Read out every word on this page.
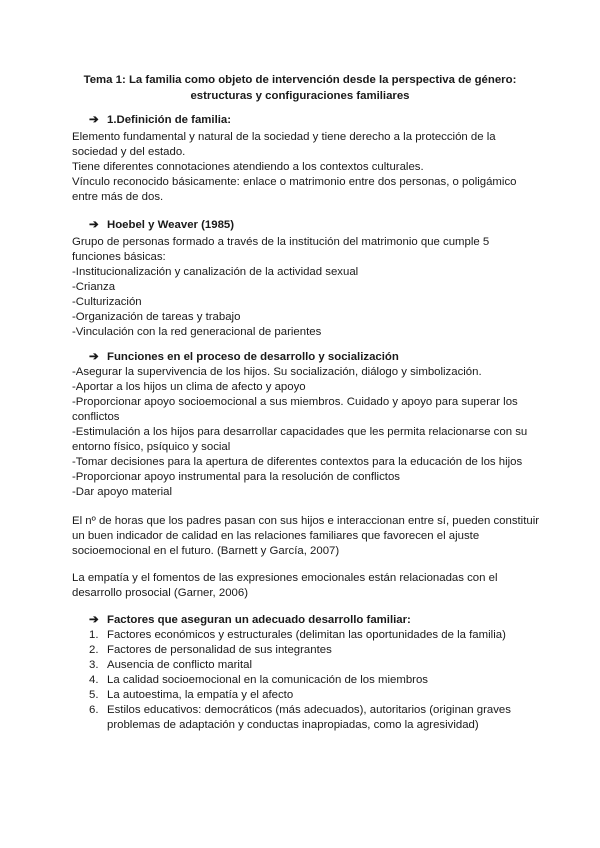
Tema 1: La familia como objeto de intervención desde la perspectiva de género:
estructuras y configuraciones familiares
➔ 1.Definición de familia:
Elemento fundamental y natural de la sociedad y tiene derecho a la protección de la
sociedad y del estado.
Tiene diferentes connotaciones atendiendo a los contextos culturales.
Vínculo reconocido básicamente: enlace o matrimonio entre dos personas, o poligámico
entre más de dos.
➔ Hoebel y Weaver (1985)
Grupo de personas formado a través de la institución del matrimonio que cumple 5
funciones básicas:
-Institucionalización y canalización de la actividad sexual
-Crianza
-Culturización
-Organización de tareas y trabajo
-Vinculación con la red generacional de parientes
➔ Funciones en el proceso de desarrollo y socialización
-Asegurar la supervivencia de los hijos. Su socialización, diálogo y simbolización.
-Aportar a los hijos un clima de afecto y apoyo
-Proporcionar apoyo socioemocional a sus miembros. Cuidado y apoyo para superar los
conflictos
-Estimulación a los hijos para desarrollar capacidades que les permita relacionarse con su
entorno físico, psíquico y social
-Tomar decisiones para la apertura de diferentes contextos para la educación de los hijos
-Proporcionar apoyo instrumental para la resolución de conflictos
-Dar apoyo material
El nº de horas que los padres pasan con sus hijos e interaccionan entre sí, pueden constituir
un buen indicador de calidad en las relaciones familiares que favorecen el ajuste
socioemocional en el futuro. (Barnett y García, 2007)
La empatía y el fomentos de las expresiones emocionales están relacionadas con el
desarrollo prosocial (Garner, 2006)
➔ Factores que aseguran un adecuado desarrollo familiar:
1. Factores económicos y estructurales (delimitan las oportunidades de la familia)
2. Factores de personalidad de sus integrantes
3. Ausencia de conflicto marital
4. La calidad socioemocional en la comunicación de los miembros
5. La autoestima, la empatía y el afecto
6. Estilos educativos: democráticos (más adecuados), autoritarios (originan graves
problemas de adaptación y conductas inapropiadas, como la agresividad)
